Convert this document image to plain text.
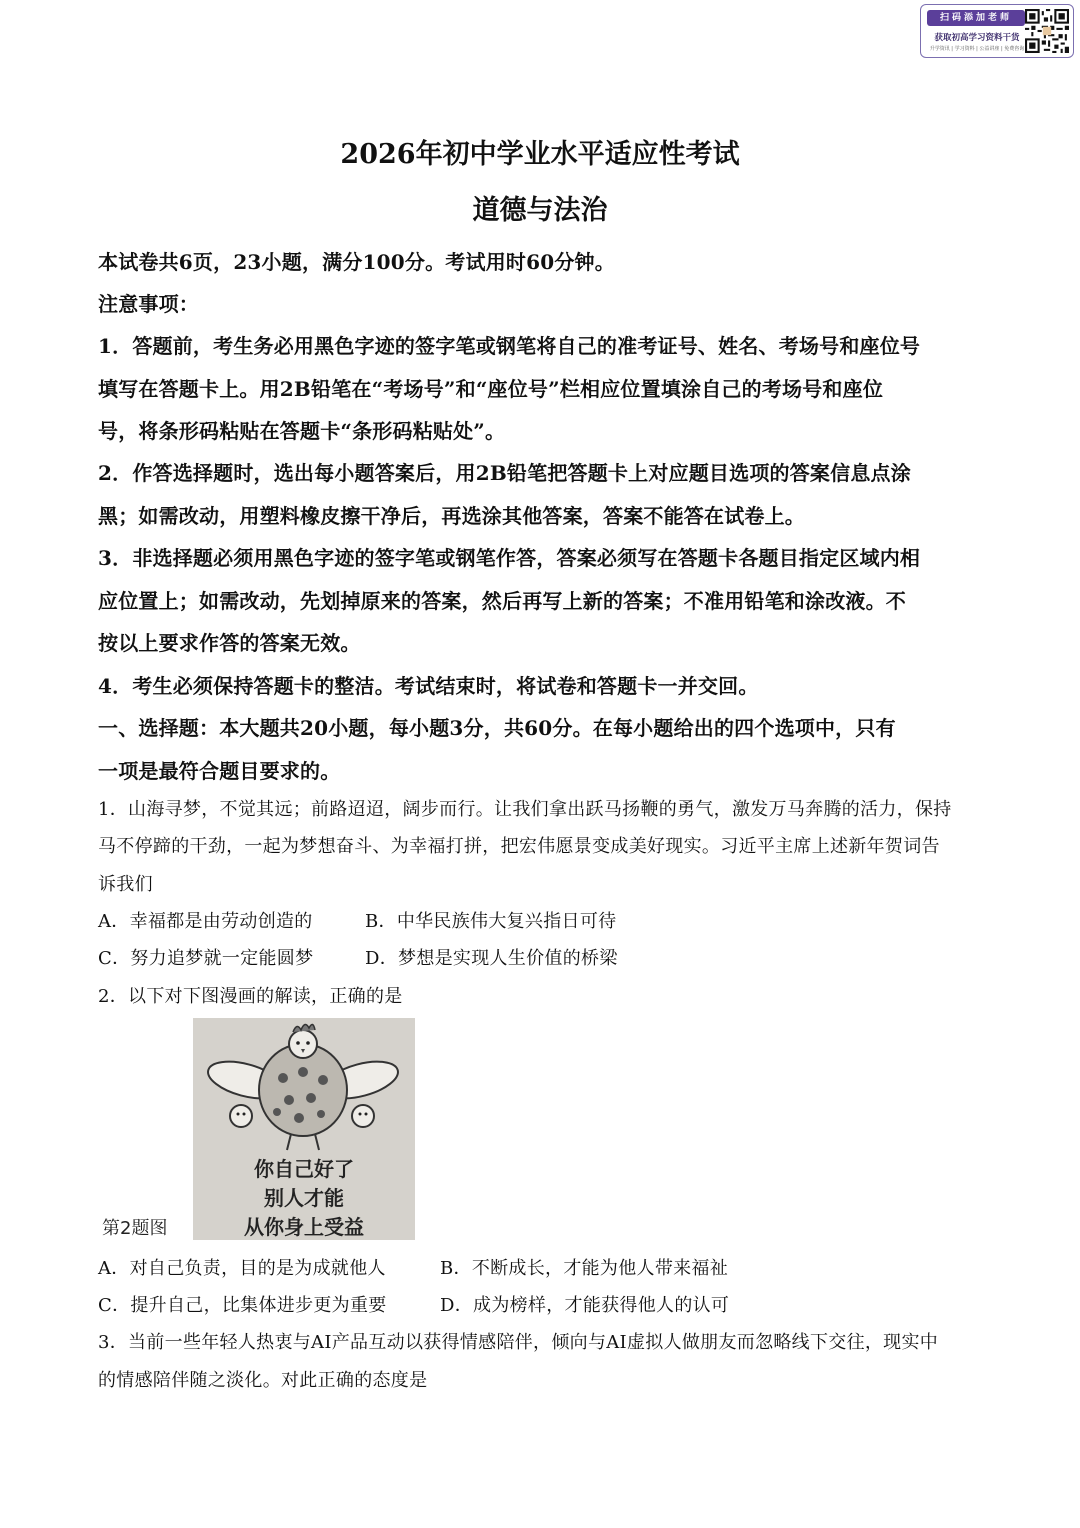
扫码添加老师
获取初高学习资料干货
升学资讯 | 学习资料 | 公益讲座 | 免费咨询
2026年初中学业水平适应性考试
道德与法治
本试卷共6页，23小题，满分100分。考试用时60分钟。
注意事项：
1．答题前，考生务必用黑色字迹的签字笔或钢笔将自己的准考证号、姓名、考场号和座位号
填写在答题卡上。用2B铅笔在“考场号”和“座位号”栏相应位置填涂自己的考场号和座位
号，将条形码粘贴在答题卡“条形码粘贴处”。
2．作答选择题时，选出每小题答案后，用2B铅笔把答题卡上对应题目选项的答案信息点涂
黑；如需改动，用塑料橡皮擦干净后，再选涂其他答案，答案不能答在试卷上。
3．非选择题必须用黑色字迹的签字笔或钢笔作答，答案必须写在答题卡各题目指定区域内相
应位置上；如需改动，先划掉原来的答案，然后再写上新的答案；不准用铅笔和涂改液。不
按以上要求作答的答案无效。
4．考生必须保持答题卡的整洁。考试结束时，将试卷和答题卡一并交回。
一、选择题：本大题共20小题，每小题3分，共60分。在每小题给出的四个选项中，只有
一项是最符合题目要求的。
1．山海寻梦，不觉其远；前路迢迢，阔步而行。让我们拿出跃马扬鞭的勇气，激发万马奔腾的活力，保持
马不停蹄的干劲，一起为梦想奋斗、为幸福打拼，把宏伟愿景变成美好现实。习近平主席上述新年贺词告
诉我们
A．幸福都是由劳动创造的	B．中华民族伟大复兴指日可待
C．努力追梦就一定能圆梦	D．梦想是实现人生价值的桥梁
2．以下对下图漫画的解读，正确的是
你自己好了
别人才能
从你身上受益
第2题图
A．对自己负责，目的是为成就他人	B．不断成长，才能为他人带来福祉
C．提升自己，比集体进步更为重要	D．成为榜样，才能获得他人的认可
3．当前一些年轻人热衷与AI产品互动以获得情感陪伴，倾向与AI虚拟人做朋友而忽略线下交往，现实中
的情感陪伴随之淡化。对此正确的态度是
